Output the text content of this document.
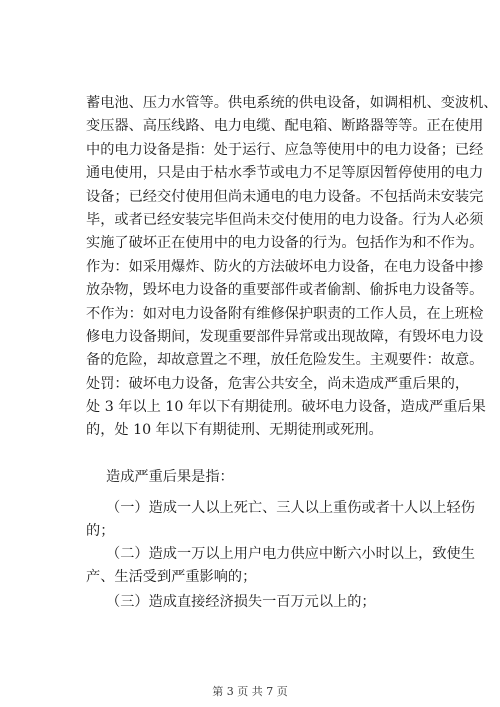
蓄电池、压力水管等。供电系统的供电设备，如调相机、变波机、
变压器、高压线路、电力电缆、配电箱、断路器等等。正在使用
中的电力设备是指：处于运行、应急等使用中的电力设备；已经
通电使用，只是由于枯水季节或电力不足等原因暂停使用的电力
设备；已经交付使用但尚未通电的电力设备。不包括尚未安装完
毕，或者已经安装完毕但尚未交付使用的电力设备。行为人必须
实施了破坏正在使用中的电力设备的行为。包括作为和不作为。
作为：如采用爆炸、防火的方法破坏电力设备，在电力设备中掺
放杂物，毁坏电力设备的重要部件或者偷割、偷拆电力设备等。
不作为：如对电力设备附有维修保护职责的工作人员，在上班检
修电力设备期间，发现重要部件异常或出现故障，有毁坏电力设
备的危险，却故意置之不理，放任危险发生。主观要件：故意。
处罚：破坏电力设备，危害公共安全，尚未造成严重后果的，
处 3 年以上 10 年以下有期徒刑。破坏电力设备，造成严重后果
的，处 10 年以下有期徒刑、无期徒刑或死刑。
造成严重后果是指：
（一）造成一人以上死亡、三人以上重伤或者十人以上轻伤
的；
（二）造成一万以上用户电力供应中断六小时以上，致使生
产、生活受到严重影响的；
（三）造成直接经济损失一百万元以上的；
第 3 页 共 7 页
